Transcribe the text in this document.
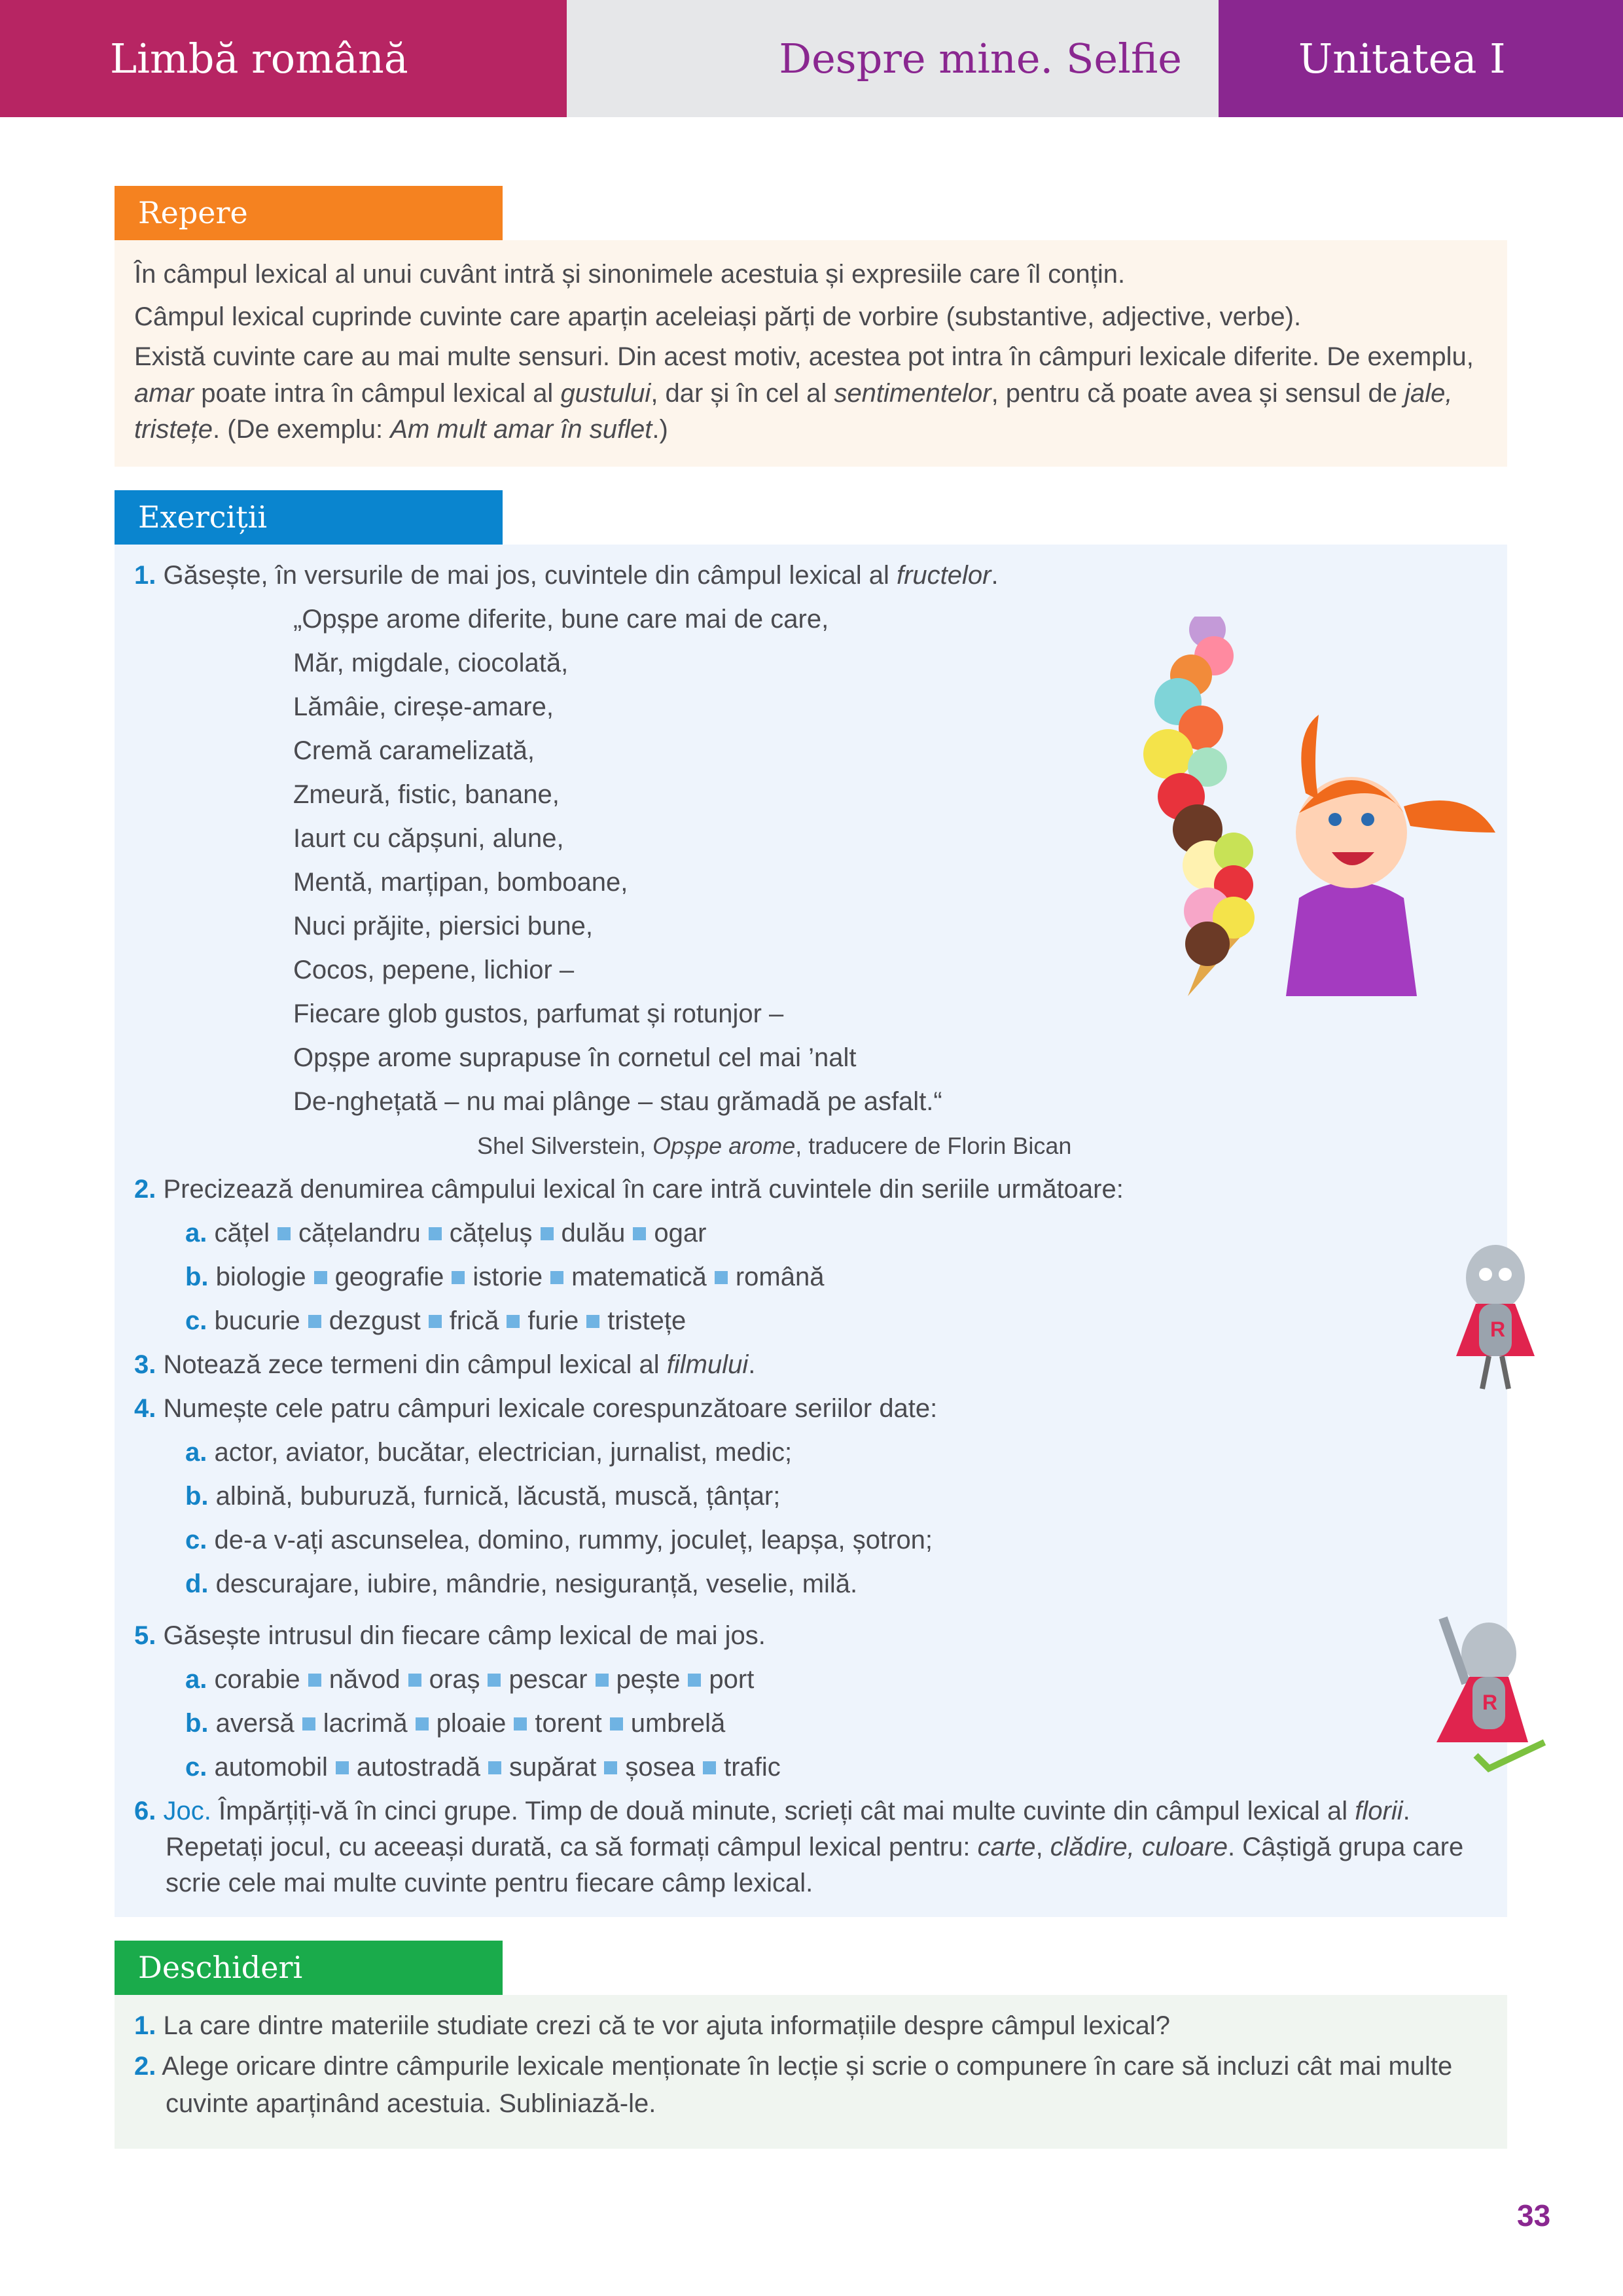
Limbă română	Despre mine. Selfie	Unitatea I
Repere
În câmpul lexical al unui cuvânt intră și sinonimele acestuia și expresiile care îl conțin.
Câmpul lexical cuprinde cuvinte care aparțin aceleiași părți de vorbire (substantive, adjective, verbe).
Există cuvinte care au mai multe sensuri. Din acest motiv, acestea pot intra în câmpuri lexicale diferite. De exemplu,
amar poate intra în câmpul lexical al gustului, dar și în cel al sentimentelor, pentru că poate avea și sensul de jale,
tristețe. (De exemplu: Am mult amar în suflet.)
Exerciții
1. Găsește, în versurile de mai jos, cuvintele din câmpul lexical al fructelor.
„Opșpe arome diferite, bune care mai de care,
Măr, migdale, ciocolată,
Lămâie, cireșe-amare,
Cremă caramelizată,
Zmeură, fistic, banane,
Iaurt cu căpșuni, alune,
Mentă, marțipan, bomboane,
Nuci prăjite, piersici bune,
Cocos, pepene, lichior –
Fiecare glob gustos, parfumat și rotunjor –
Opșpe arome suprapuse în cornetul cel mai ’nalt
De-nghețată – nu mai plânge – stau grămadă pe asfalt.“
Shel Silverstein, Opșpe arome, traducere de Florin Bican
2. Precizează denumirea câmpului lexical în care intră cuvintele din seriile următoare:
a. cățel cățelandru cățeluș dulău ogar
b. biologie geografie istorie matematică română
c. bucurie dezgust frică furie tristețe
3. Notează zece termeni din câmpul lexical al filmului.
4. Numește cele patru câmpuri lexicale corespunzătoare seriilor date:
a. actor, aviator, bucătar, electrician, jurnalist, medic;
b. albină, buburuză, furnică, lăcustă, muscă, țânțar;
c. de-a v-ați ascunselea, domino, rummy, joculeț, leapșa, șotron;
d. descurajare, iubire, mândrie, nesiguranță, veselie, milă.
5. Găsește intrusul din fiecare câmp lexical de mai jos.
a. corabie năvod oraș pescar pește port
b. aversă lacrimă ploaie torent umbrelă
c. automobil autostradă supărat șosea trafic
6. Joc. Împărțiți-vă în cinci grupe. Timp de două minute, scrieți cât mai multe cuvinte din câmpul lexical al florii.
Repetați jocul, cu aceeași durată, ca să formați câmpul lexical pentru: carte, clădire, culoare. Câștigă grupa care
scrie cele mai multe cuvinte pentru fiecare câmp lexical.
R
R
Deschideri
1. La care dintre materiile studiate crezi că te vor ajuta informațiile despre câmpul lexical?
2. Alege oricare dintre câmpurile lexicale menționate în lecție și scrie o compunere în care să incluzi cât mai multe
cuvinte aparținând acestuia. Subliniază-le.
33
